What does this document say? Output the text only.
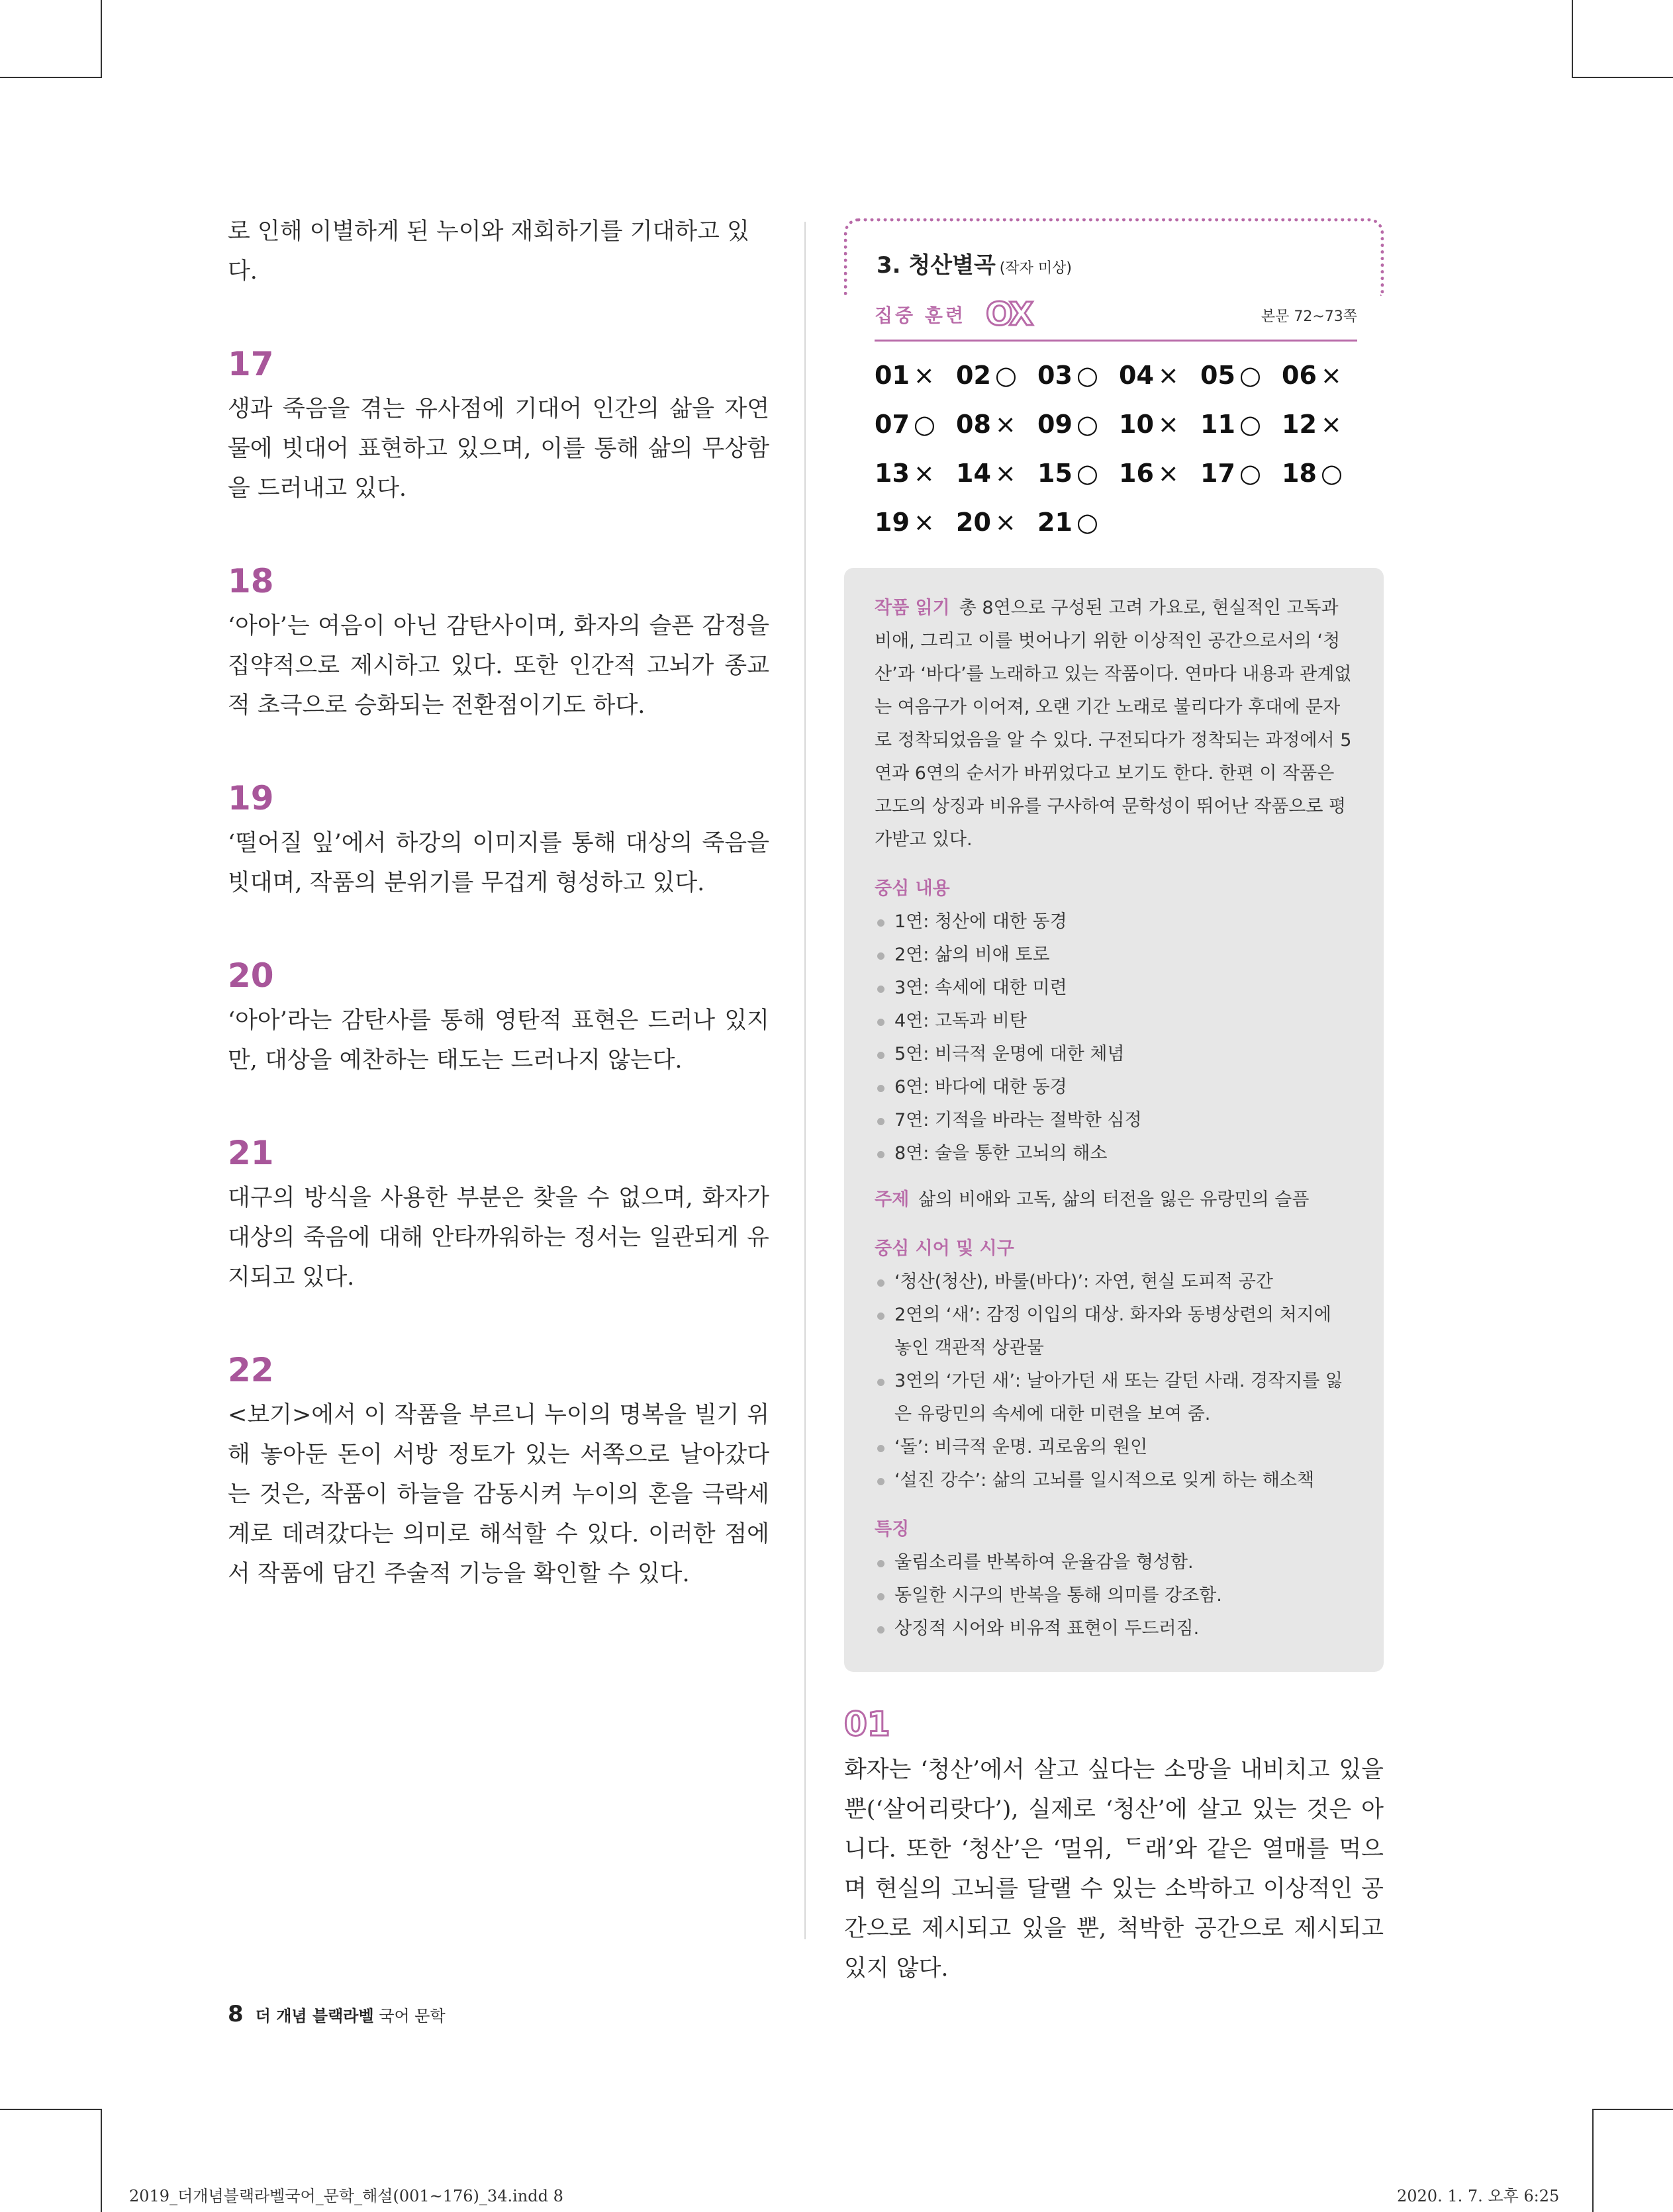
로 인해 이별하게 된 누이와 재회하기를 기대하고 있다.

17

생과 죽음을 겪는 유사점에 기대어 인간의 삶을 자연물에 빗대어 표현하고 있으며, 이를 통해 삶의 무상함을 드러내고 있다.

18

‘아아’는 여음이 아닌 감탄사이며, 화자의 슬픈 감정을 집약적으로 제시하고 있다. 또한 인간적 고뇌가 종교적 초극으로 승화되는 전환점이기도 하다.

19

‘떨어질 잎’에서 하강의 이미지를 통해 대상의 죽음을 빗대며, 작품의 분위기를 무겁게 형성하고 있다.

20

‘아아’라는 감탄사를 통해 영탄적 표현은 드러나 있지만, 대상을 예찬하는 태도는 드러나지 않는다.

21

대구의 방식을 사용한 부분은 찾을 수 없으며, 화자가 대상의 죽음에 대해 안타까워하는 정서는 일관되게 유지되고 있다.

22

<보기>에서 이 작품을 부르니 누이의 명복을 빌기 위해 놓아둔 돈이 서방 정토가 있는 서쪽으로 날아갔다는 것은, 작품이 하늘을 감동시켜 누이의 혼을 극락세계로 데려갔다는 의미로 해석할 수 있다. 이러한 점에서 작품에 담긴 주술적 기능을 확인할 수 있다.

3. 청산별곡 (작자 미상)
집중 훈련 OX	본문 72~73쪽
01 × 02 ○ 03 ○ 04 × 05 ○ 06 ×
07 ○ 08 × 09 ○ 10 × 11 ○ 12 ×
13 × 14 × 15 ○ 16 × 17 ○ 18 ○
19 × 20 × 21 ○

작품 읽기 총 8연으로 구성된 고려 가요로, 현실적인 고독과 비애, 그리고 이를 벗어나기 위한 이상적인 공간으로서의 ‘청산’과 ‘바다’를 노래하고 있는 작품이다. 연마다 내용과 관계없는 여음구가 이어져, 오랜 기간 노래로 불리다가 후대에 문자로 정착되었음을 알 수 있다. 구전되다가 정착되는 과정에서 5연과 6연의 순서가 바뀌었다고 보기도 한다. 한편 이 작품은 고도의 상징과 비유를 구사하여 문학성이 뛰어난 작품으로 평가받고 있다.

중심 내용

1연: 청산에 대한 동경
2연: 삶의 비애 토로
3연: 속세에 대한 미련
4연: 고독과 비탄
5연: 비극적 운명에 대한 체념
6연: 바다에 대한 동경
7연: 기적을 바라는 절박한 심정
8연: 술을 통한 고뇌의 해소

주제 삶의 비애와 고독, 삶의 터전을 잃은 유랑민의 슬픔

중심 시어 및 시구

‘청산(청산), 바룰(바다)’: 자연, 현실 도피적 공간
2연의 ‘새’: 감정 이입의 대상. 화자와 동병상련의 처지에 놓인 객관적 상관물
3연의 ‘가던 새’: 날아가던 새 또는 갈던 사래. 경작지를 잃은 유랑민의 속세에 대한 미련을 보여 줌.
‘돌’: 비극적 운명. 괴로움의 원인
‘설진 강수’: 삶의 고뇌를 일시적으로 잊게 하는 해소책

특징

울림소리를 반복하여 운율감을 형성함.
동일한 시구의 반복을 통해 의미를 강조함.
상징적 시어와 비유적 표현이 두드러짐.

01

화자는 ‘청산’에서 살고 싶다는 소망을 내비치고 있을 뿐(‘살어리랏다’), 실제로 ‘청산’에 살고 있는 것은 아니다. 또한 ‘청산’은 ‘멀위, ᄃ래’와 같은 열매를 먹으며 현실의 고뇌를 달랠 수 있는 소박하고 이상적인 공간으로 제시되고 있을 뿐, 척박한 공간으로 제시되고 있지 않다.

8 더 개념 블랙라벨 국어 문학
2019_더개념블랙라벨국어_문학_해설(001~176)_34.indd 8	2020. 1. 7. 오후 6:25
